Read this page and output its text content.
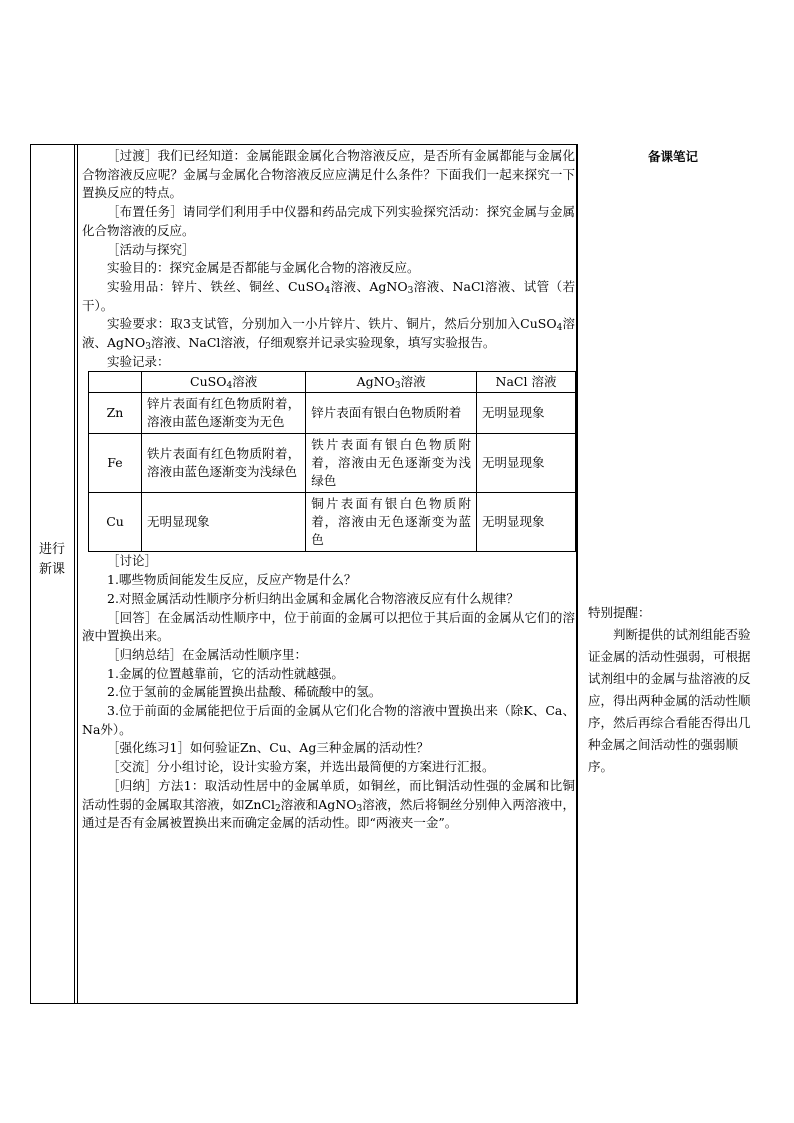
进行新课
备课笔记

［过渡］我们已经知道：金属能跟金属化合物溶液反应，是否所有金属都能与金属化合物溶液反应呢？金属与金属化合物溶液反应应满足什么条件？下面我们一起来探究一下置换反应的特点。

［布置任务］请同学们利用手中仪器和药品完成下列实验探究活动：探究金属与金属化合物溶液的反应。

［活动与探究］

实验目的：探究金属是否都能与金属化合物的溶液反应。

实验用品：锌片、铁丝、铜丝、CuSO$_4$溶液、AgNO$_3$溶液、NaCl溶液、试管（若干）。

实验要求：取3支试管，分别加入一小片锌片、铁片、铜片，然后分别加入CuSO$_4$溶液、AgNO$_3$溶液、NaCl溶液，仔细观察并记录实验现象，填写实验报告。

实验记录：

	CuSO$_4$溶液	AgNO$_3$溶液	NaCl 溶液
Zn	锌片表面有红色物质附着，溶液由蓝色逐渐变为无色	锌片表面有银白色物质附着	无明显现象
Fe	铁片表面有红色物质附着，溶液由蓝色逐渐变为浅绿色	铁片表面有银白色物质附着，溶液由无色逐渐变为浅绿色	无明显现象
Cu	无明显现象	铜片表面有银白色物质附着，溶液由无色逐渐变为蓝色	无明显现象

［讨论］

1.哪些物质间能发生反应，反应产物是什么？

2.对照金属活动性顺序分析归纳出金属和金属化合物溶液反应有什么规律？

［回答］在金属活动性顺序中，位于前面的金属可以把位于其后面的金属从它们的溶液中置换出来。

［归纳总结］在金属活动性顺序里：

1.金属的位置越靠前，它的活动性就越强。

2.位于氢前的金属能置换出盐酸、稀硫酸中的氢。

3.位于前面的金属能把位于后面的金属从它们化合物的溶液中置换出来（除K、Ca、Na外）。

［强化练习1］如何验证Zn、Cu、Ag三种金属的活动性？

［交流］分小组讨论，设计实验方案，并选出最简便的方案进行汇报。

［归纳］方法1：取活动性居中的金属单质，如铜丝，而比铜活动性强的金属和比铜活动性弱的金属取其溶液，如ZnCl$_2$溶液和AgNO$_3$溶液，然后将铜丝分别伸入两溶液中，通过是否有金属被置换出来而确定金属的活动性。即“两液夹一金”。

特别提醒：

判断提供的试剂组能否验证金属的活动性强弱，可根据试剂组中的金属与盐溶液的反应，得出两种金属的活动性顺序，然后再综合看能否得出几种金属之间活动性的强弱顺序。
